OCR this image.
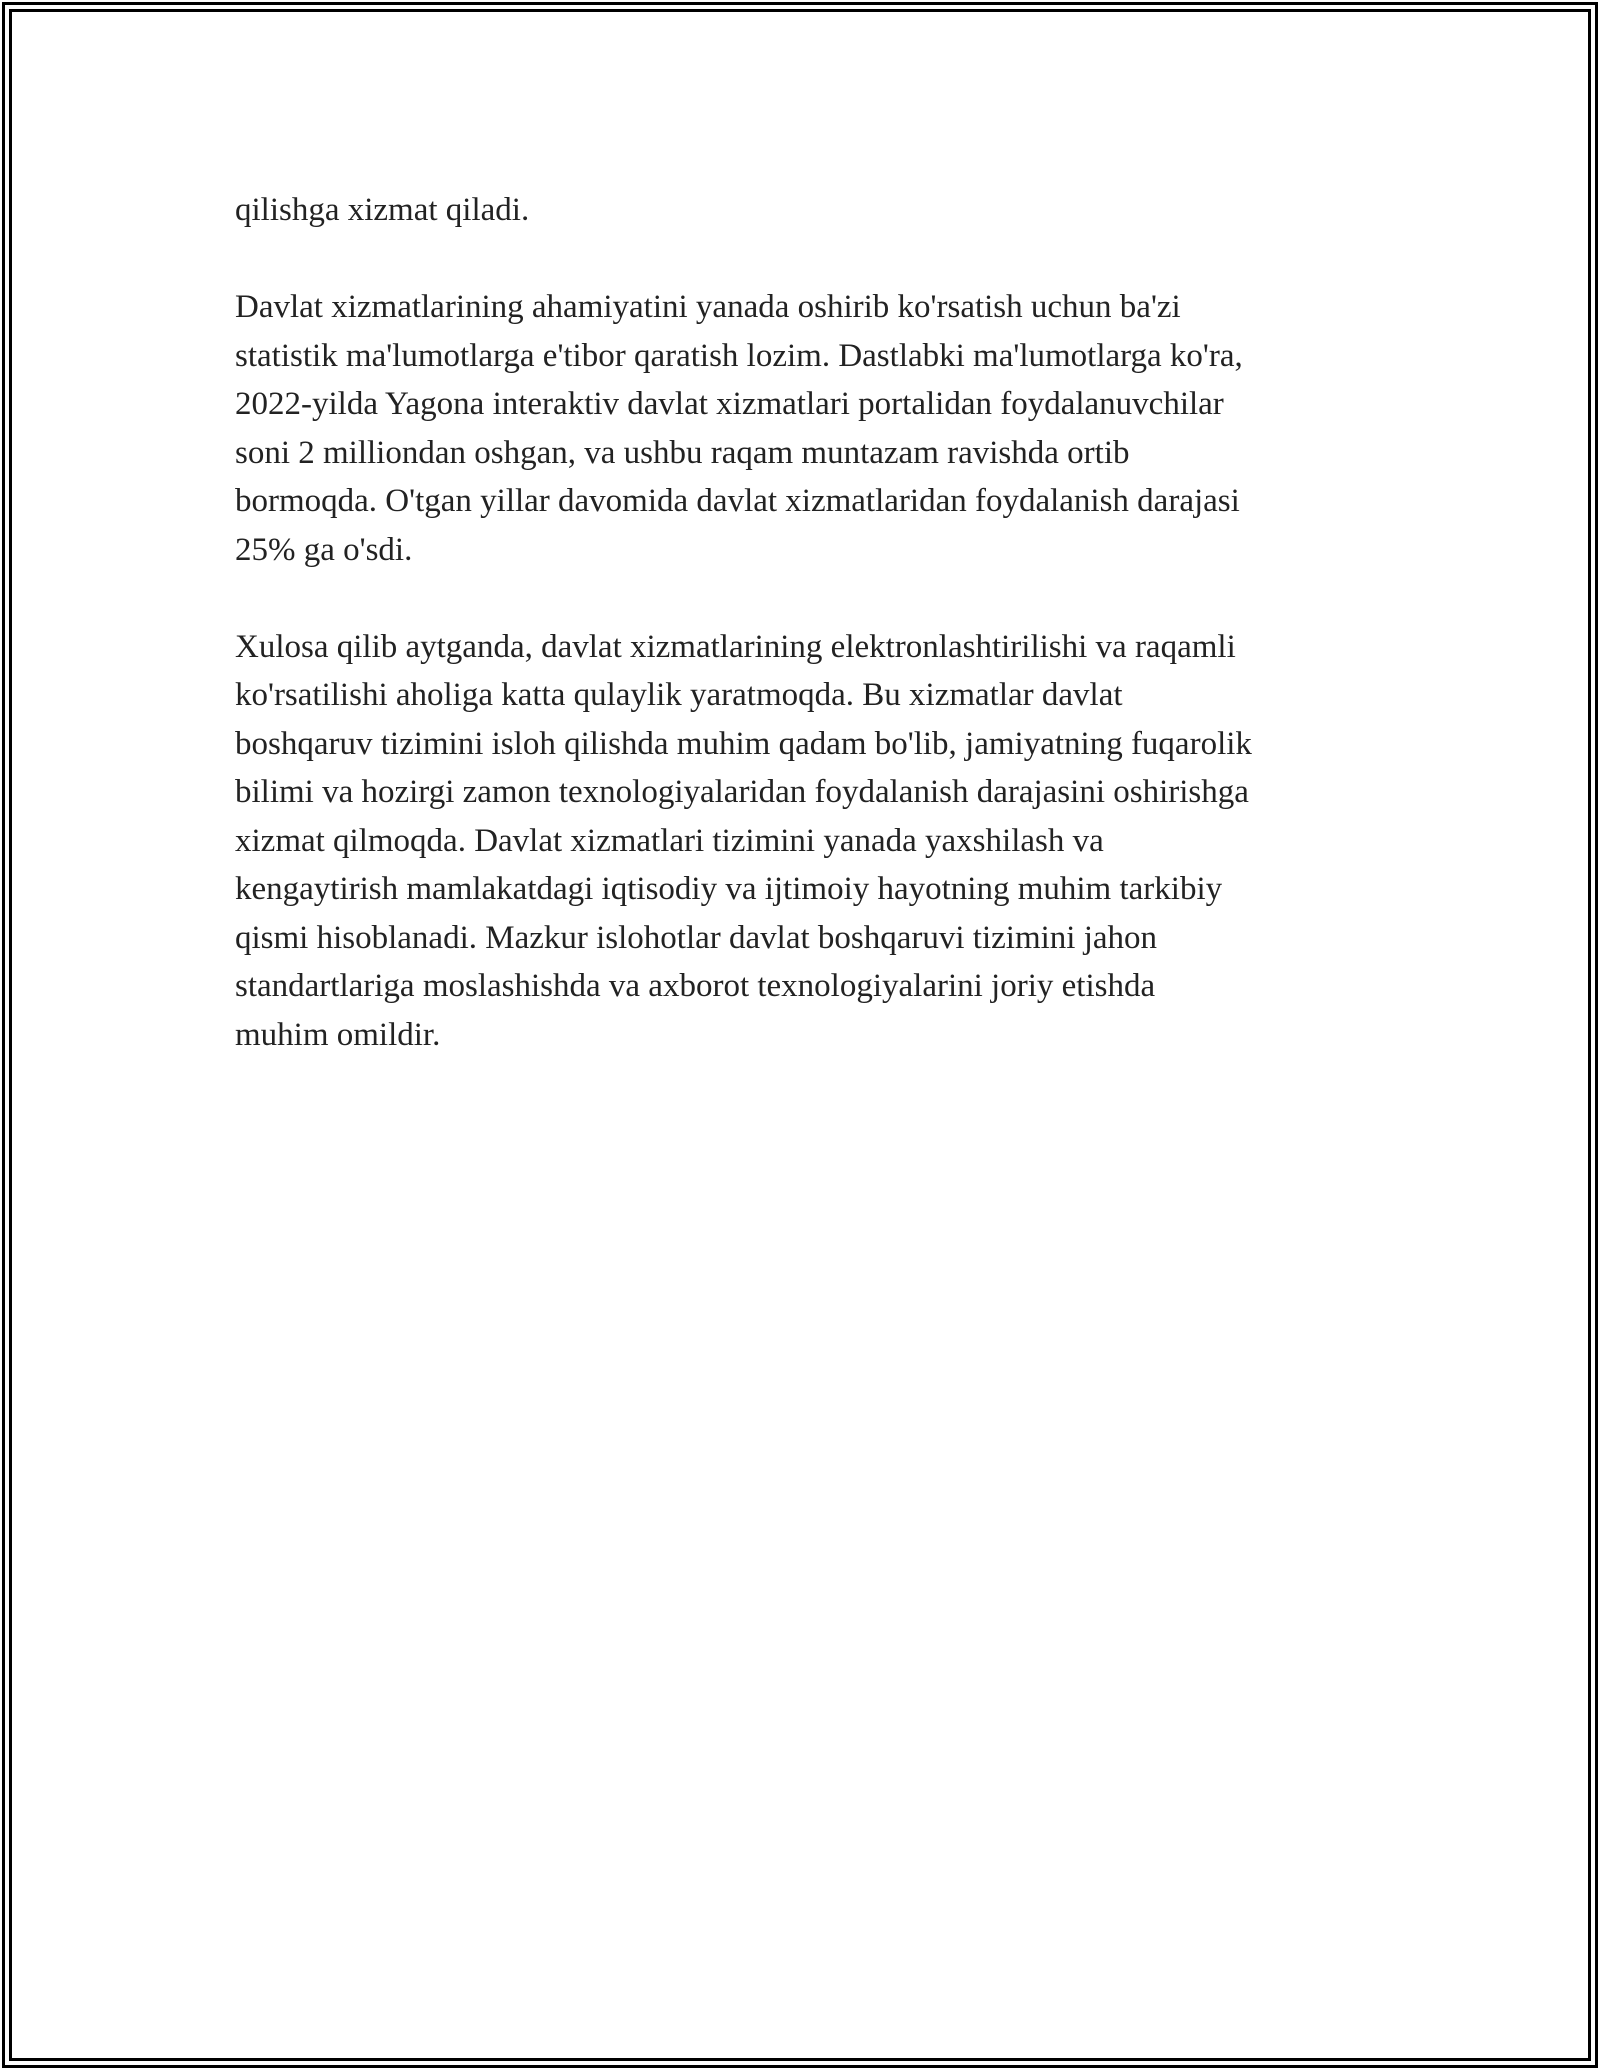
qilishga xizmat qiladi.

Davlat xizmatlarining ahamiyatini yanada oshirib ko'rsatish uchun ba'zi
statistik ma'lumotlarga e'tibor qaratish lozim. Dastlabki ma'lumotlarga ko'ra,
2022-yilda Yagona interaktiv davlat xizmatlari portalidan foydalanuvchilar
soni 2 milliondan oshgan, va ushbu raqam muntazam ravishda ortib
bormoqda. O'tgan yillar davomida davlat xizmatlaridan foydalanish darajasi
25% ga o'sdi.

Xulosa qilib aytganda, davlat xizmatlarining elektronlashtirilishi va raqamli
ko'rsatilishi aholiga katta qulaylik yaratmoqda. Bu xizmatlar davlat
boshqaruv tizimini isloh qilishda muhim qadam bo'lib, jamiyatning fuqarolik
bilimi va hozirgi zamon texnologiyalaridan foydalanish darajasini oshirishga
xizmat qilmoqda. Davlat xizmatlari tizimini yanada yaxshilash va
kengaytirish mamlakatdagi iqtisodiy va ijtimoiy hayotning muhim tarkibiy
qismi hisoblanadi. Mazkur islohotlar davlat boshqaruvi tizimini jahon
standartlariga moslashishda va axborot texnologiyalarini joriy etishda
muhim omildir.
